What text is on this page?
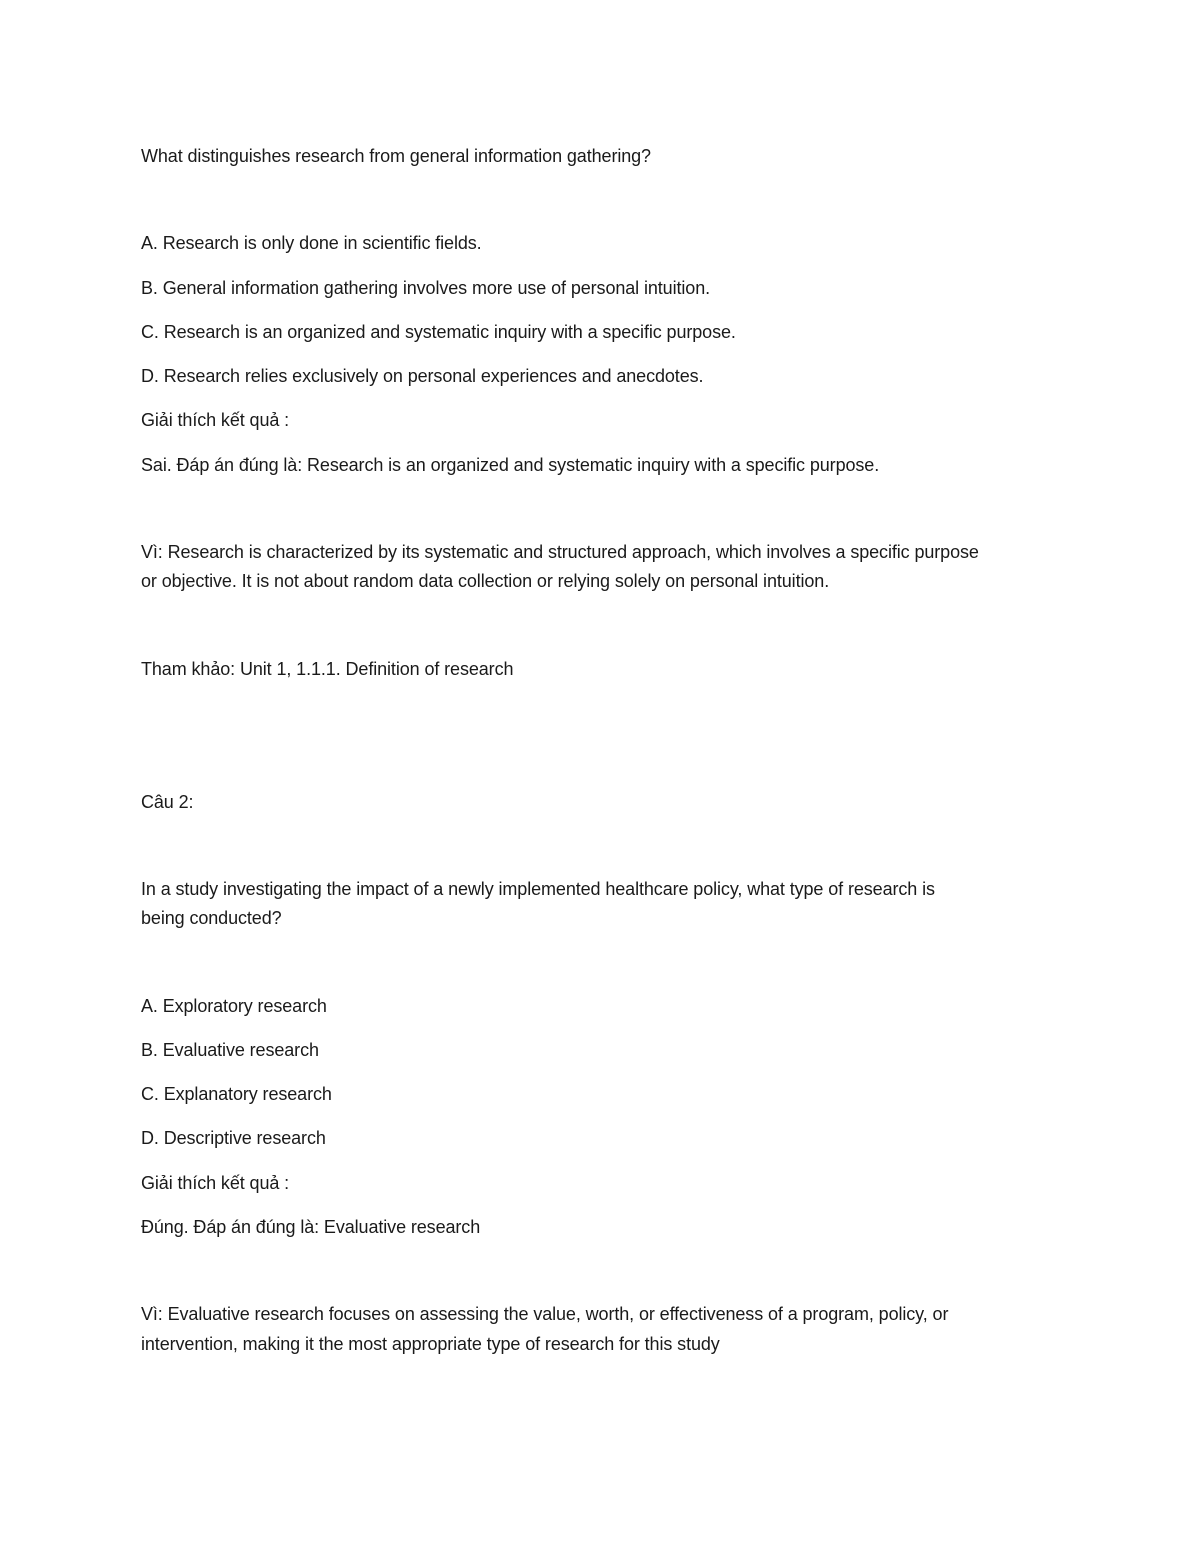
What distinguishes research from general information gathering?
A. Research is only done in scientific fields.
B. General information gathering involves more use of personal intuition.
C. Research is an organized and systematic inquiry with a specific purpose.
D. Research relies exclusively on personal experiences and anecdotes.
Giải thích kết quả :
Sai. Đáp án đúng là: Research is an organized and systematic inquiry with a specific purpose.
Vì: Research is characterized by its systematic and structured approach, which involves a specific purpose
or objective. It is not about random data collection or relying solely on personal intuition.
Tham khảo: Unit 1, 1.1.1. Definition of research
Câu 2:
In a study investigating the impact of a newly implemented healthcare policy, what type of research is
being conducted?
A. Exploratory research
B. Evaluative research
C. Explanatory research
D. Descriptive research
Giải thích kết quả :
Đúng. Đáp án đúng là: Evaluative research
Vì: Evaluative research focuses on assessing the value, worth, or effectiveness of a program, policy, or
intervention, making it the most appropriate type of research for this study
